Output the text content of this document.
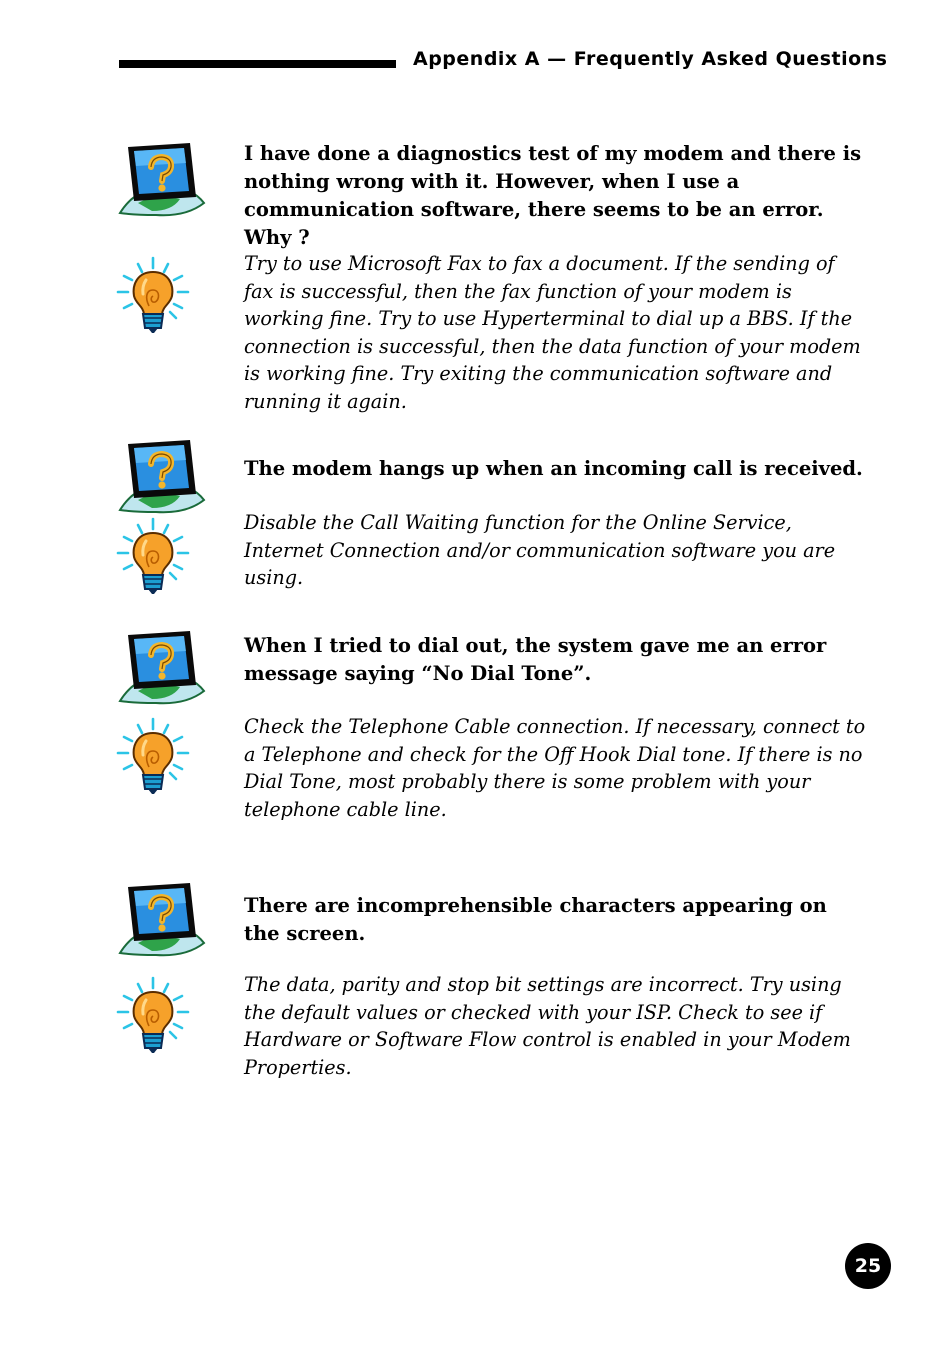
Appendix A — Frequently Asked Questions

I have done a diagnostics test of my modem and there is nothing wrong with it. However, when I use a communication software, there seems to be an error. Why ?

Try to use Microsoft Fax to fax a document. If the sending of fax is successful, then the fax function of your modem is working fine. Try to use Hyperterminal to dial up a BBS. If the connection is successful, then the data function of your modem is working fine. Try exiting the communication software and running it again.

The modem hangs up when an incoming call is received.

Disable the Call Waiting function for the Online Service, Internet Connection and/or communication software you are using.

When I tried to dial out, the system gave me an error message saying “No Dial Tone”.

Check the Telephone Cable connection. If necessary, connect to a Telephone and check for the Off Hook Dial tone. If there is no Dial Tone, most probably there is some problem with your telephone cable line.

There are incomprehensible characters appearing on the screen.

The data, parity and stop bit settings are incorrect. Try using the default values or checked with your ISP. Check to see if Hardware or Software Flow control is enabled in your Modem Properties.

25
